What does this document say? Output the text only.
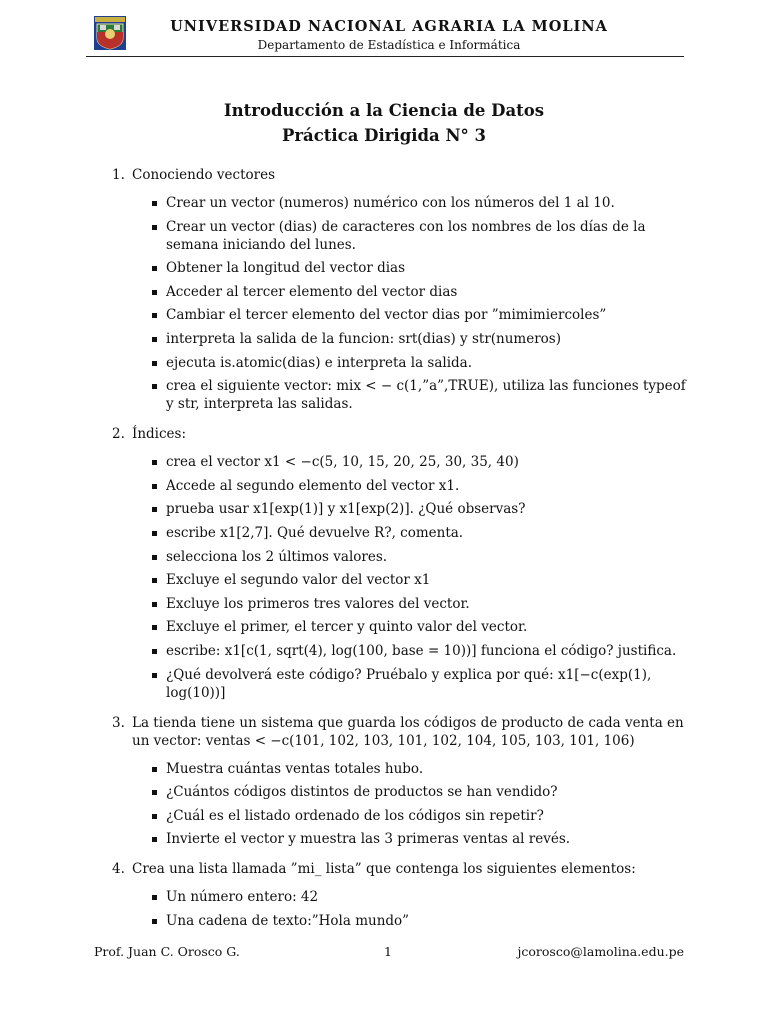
UNIVERSIDAD NACIONAL AGRARIA LA MOLINA
Departamento de Estadística e Informática
Introducción a la Ciencia de Datos
Práctica Dirigida N° 3
1. Conociendo vectores
Crear un vector (numeros) numérico con los números del 1 al 10.
Crear un vector (dias) de caracteres con los nombres de los días de la semana iniciando del lunes.
Obtener la longitud del vector dias
Acceder al tercer elemento del vector dias
Cambiar el tercer elemento del vector dias por ”mimimiercoles”
interpreta la salida de la funcion: srt(dias) y str(numeros)
ejecuta is.atomic(dias) e interpreta la salida.
crea el siguiente vector: mix < − c(1,”a”,TRUE), utiliza las funciones typeof y str, interpreta las salidas.
2. Índices:
crea el vector x1 < −c(5, 10, 15, 20, 25, 30, 35, 40)
Accede al segundo elemento del vector x1.
prueba usar x1[exp(1)] y x1[exp(2)]. ¿Qué observas?
escribe x1[2,7]. Qué devuelve R?, comenta.
selecciona los 2 últimos valores.
Excluye el segundo valor del vector x1
Excluye los primeros tres valores del vector.
Excluye el primer, el tercer y quinto valor del vector.
escribe: x1[c(1, sqrt(4), log(100, base = 10))] funciona el código? justifica.
¿Qué devolverá este código? Pruébalo y explica por qué: x1[−c(exp(1), log(10))]
3. La tienda tiene un sistema que guarda los códigos de producto de cada venta en un vector: ventas < −c(101, 102, 103, 101, 102, 104, 105, 103, 101, 106)
Muestra cuántas ventas totales hubo.
¿Cuántos códigos distintos de productos se han vendido?
¿Cuál es el listado ordenado de los códigos sin repetir?
Invierte el vector y muestra las 3 primeras ventas al revés.
4. Crea una lista llamada ”mi_ lista” que contenga los siguientes elementos:
Un número entero: 42
Una cadena de texto:”Hola mundo”
Prof. Juan C. Orosco G.	1	jcorosco@lamolina.edu.pe
